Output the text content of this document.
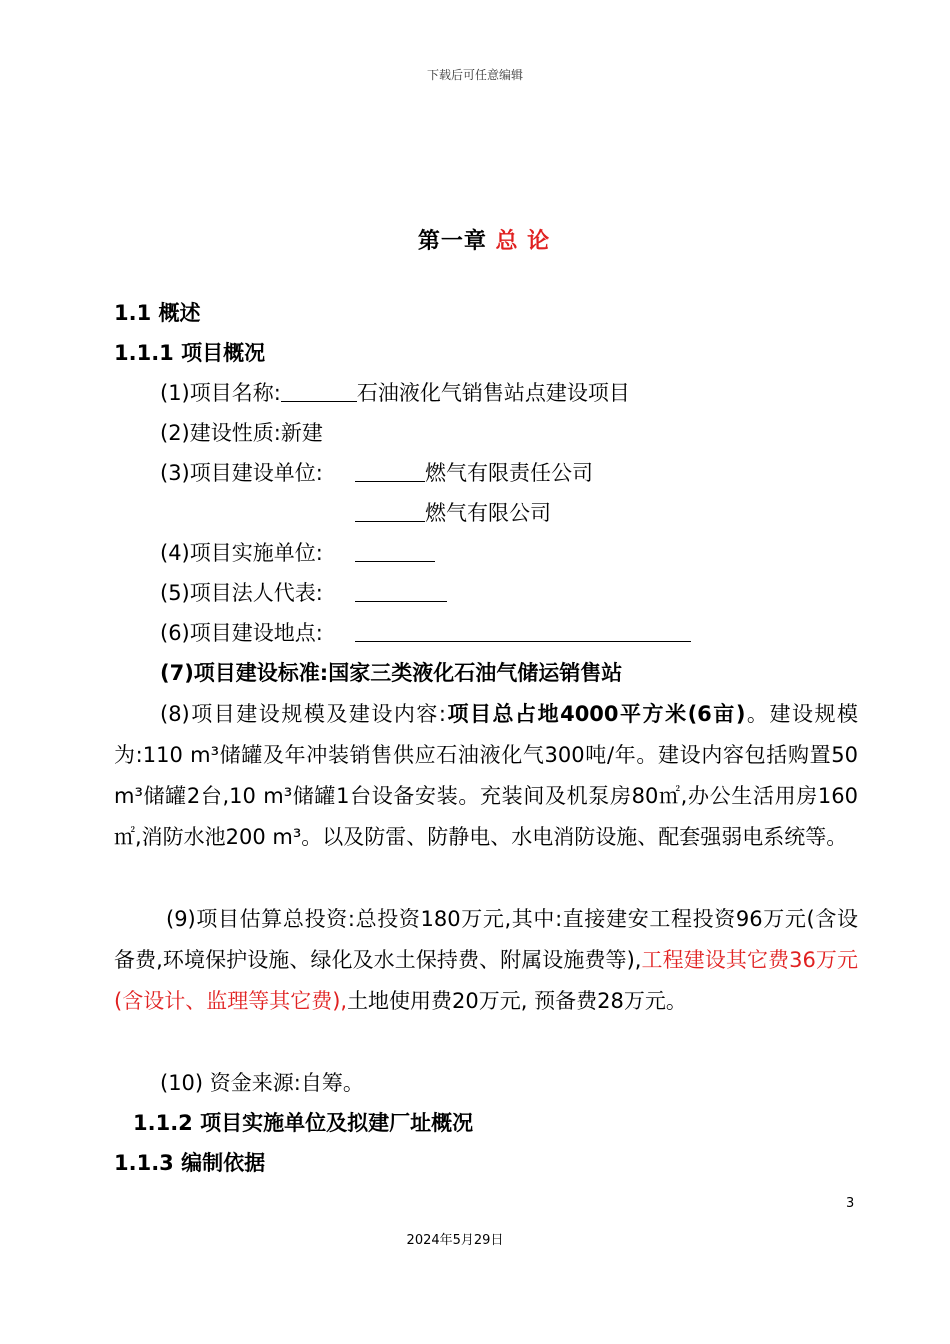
下载后可任意编辑
第一章 总 论
1.1 概述
1.1.1 项目概况
(1)项目名称:	石油液化气销售站点建设项目
(2)建设性质:新建
(3)项目建设单位:	燃气有限责任公司
燃气有限公司
(4)项目实施单位:
(5)项目法人代表:
(6)项目建设地点:
(7)项目建设标准:国家三类液化石油气储运销售站
(8)项目建设规模及建设内容:项目总占地4000平方米(6亩)。建设规模为:110 m³储罐及年冲装销售供应石油液化气300吨/年。建设内容包括购置50 m³储罐2台,10 m³储罐1台设备安装。充装间及机泵房80㎡,办公生活用房160㎡,消防水池200 m³。以及防雷、防静电、水电消防设施、配套强弱电系统等。
(9)项目估算总投资:总投资180万元,其中:直接建安工程投资96万元(含设备费,环境保护设施、绿化及水土保持费、附属设施费等),工程建设其它费36万元(含设计、监理等其它费),土地使用费20万元, 预备费28万元。
(10) 资金来源:自筹。
1.1.2 项目实施单位及拟建厂址概况
1.1.3 编制依据
3
2024年5月29日
